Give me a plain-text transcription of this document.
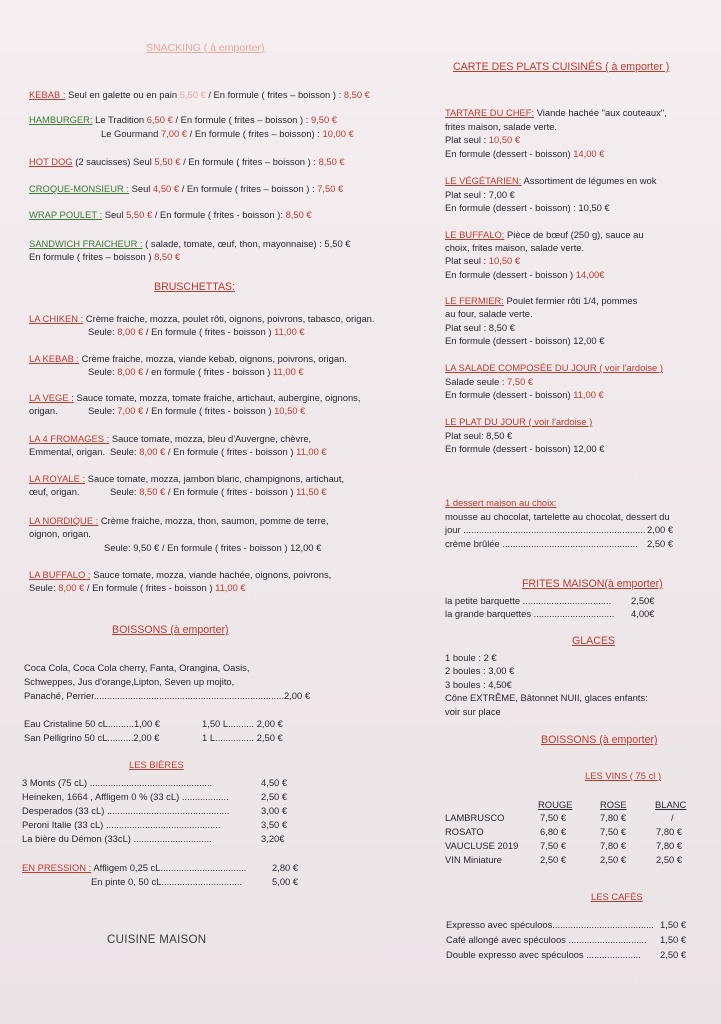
SNACKING ( à emporter)
KEBAB : Seul en galette ou en pain 5,50 € / En formule ( frites – boisson ) : 8,50 €
HAMBURGER: Le Tradition 6,50 € / En formule ( frites – boisson ) : 9,50 €
Le Gourmand 7,00 € / En formule ( frites – boisson) : 10,00 €
HOT DOG (2 saucisses) Seul 5,50 € / En formule ( frites – boisson ) : 8,50 €
CROQUE-MONSIEUR : Seul 4,50 € / En formule ( frites – boisson ) : 7,50 €
WRAP POULET : Seul 5,50 € / En formule ( frites - boisson ): 8,50 €
SANDWICH FRAICHEUR : ( salade, tomate, œuf, thon, mayonnaise) : 5,50 €
En formule ( frites – boisson ) 8,50 €
BRUSCHETTAS:
LA CHIKEN : Crème fraiche, mozza, poulet rôti, oignons, poivrons, tabasco, origan.
Seule: 8,00 € / En formule ( frites - boisson ) 11,00 €
LA KEBAB : Crème fraiche, mozza, viande kebab, oignons, poivrons, origan.
Seule: 8,00 € / en formule ( frites - boisson ) 11,00 €
LA VEGE : Sauce tomate, mozza, tomate fraiche, artichaut, aubergine, oignons,
origan.	Seule: 7,00 € / En formule ( frites - boisson ) 10,50 €
LA 4 FROMAGES : Sauce tomate, mozza, bleu d'Auvergne, chèvre,
Emmental, origan. Seule: 8,00 € / En formule ( frites - boisson ) 11,00 €
LA ROYALE : Sauce tomate, mozza, jambon blanc, champignons, artichaut,
œuf, origan.	Seule: 8,50 € / En formule ( frites - boisson ) 11,50 €
LA NORDIQUE : Crème fraiche, mozza, thon, saumon, pomme de terre,
oignon, origan.
Seule: 9,50 € / En formule ( frites - boisson ) 12,00 €
LA BUFFALO : Sauce tomate, mozza, viande hachée, oignons, poivrons,
Seule: 8,00 € / En formule ( frites - boisson ) 11,00 €
BOISSONS (à emporter)
Coca Cola, Coca Cola cherry, Fanta, Orangina, Oasis,
Schweppes, Jus d'orange,Lipton, Seven up mojito,
Panaché, Perrier.........................................................................2,00 €
Eau Cristaline 50 cL..........1,00 €	1,50 L.......... 2,00 €
San Pelligrino 50 cL..........2,00 €	1 L............... 2,50 €
LES BIÈRES
3 Monts (75 cL) ...............................................	4,50 €
Heineken, 1664 , Affligem 0 % (33 cL) ..................	2,50 €
Desperados (33 cL) ...............................................	3,00 €
Peroni Italie (33 cL) ............................................	3,50 €
La bière du Démon (33cL) ..............................	3,20€
EN PRESSION : Affligem 0,25 cL.................................	2,80 €
En pinte 0, 50 cL...............................	5,00 €
CUISINE MAISON
CARTE DES PLATS CUISINÉS ( à emporter )
TARTARE DU CHEF: Viande hachée "aux couteaux",
frites maison, salade verte.
Plat seul : 10,50 €
En formule (dessert - boisson) 14,00 €
LE VÉGÉTARIEN: Assortiment de légumes en wok
Plat seul : 7,00 €
En formule (dessert - boisson) : 10,50 €
LE BUFFALO: Pièce de bœuf (250 g), sauce au
choix, frites maison, salade verte.
Plat seul : 10,50 €
En formule (dessert - boisson ) 14,00€
LE FERMIER: Poulet fermier rôti 1/4, pommes
au four, salade verte.
Plat seul : 8,50 €
En formule (dessert - boisson) 12,00 €
LA SALADE COMPOSÉE DU JOUR ( voir l'ardoise )
Salade seule : 7,50 €
En formule (dessert - boisson) 11,00 €
LE PLAT DU JOUR ( voir l'ardoise )
Plat seul: 8,50 €
En formule (dessert - boisson) 12,00 €
1 dessert maison au choix:
mousse au chocolat, tartelette au chocolat, dessert du
jour ...................................................................... 2,00 €
crème brûlée .................................................... 2,50 €
FRITES MAISON(à emporter)
la petite barquette .................................. 2,50€
la grande barquettes ............................... 4,00€
GLACES
1 boule : 2 €
2 boules : 3,00 €
3 boules : 4,50€
Cône EXTRÊME, Bâtonnet NUII, glaces enfants:
voir sur place
BOISSONS (à emporter)
LES VINS ( 75 cl )
ROUGE	ROSE	BLANC
LAMBRUSCO	7,50 €	7,80 €	/
ROSATO	6,80 €	7,50 €	7,80 €
VAUCLUSE 2019 7,50 €	7,80 €	7,80 €
VIN Miniature	2,50 €	2,50 €	2,50 €
LES CAFÉS
Expresso avec spéculoos....................................... 1,50 €
Café allongé avec spéculoos .............................. 1,50 €
Double expresso avec spéculoos ..................... 2,50 €
